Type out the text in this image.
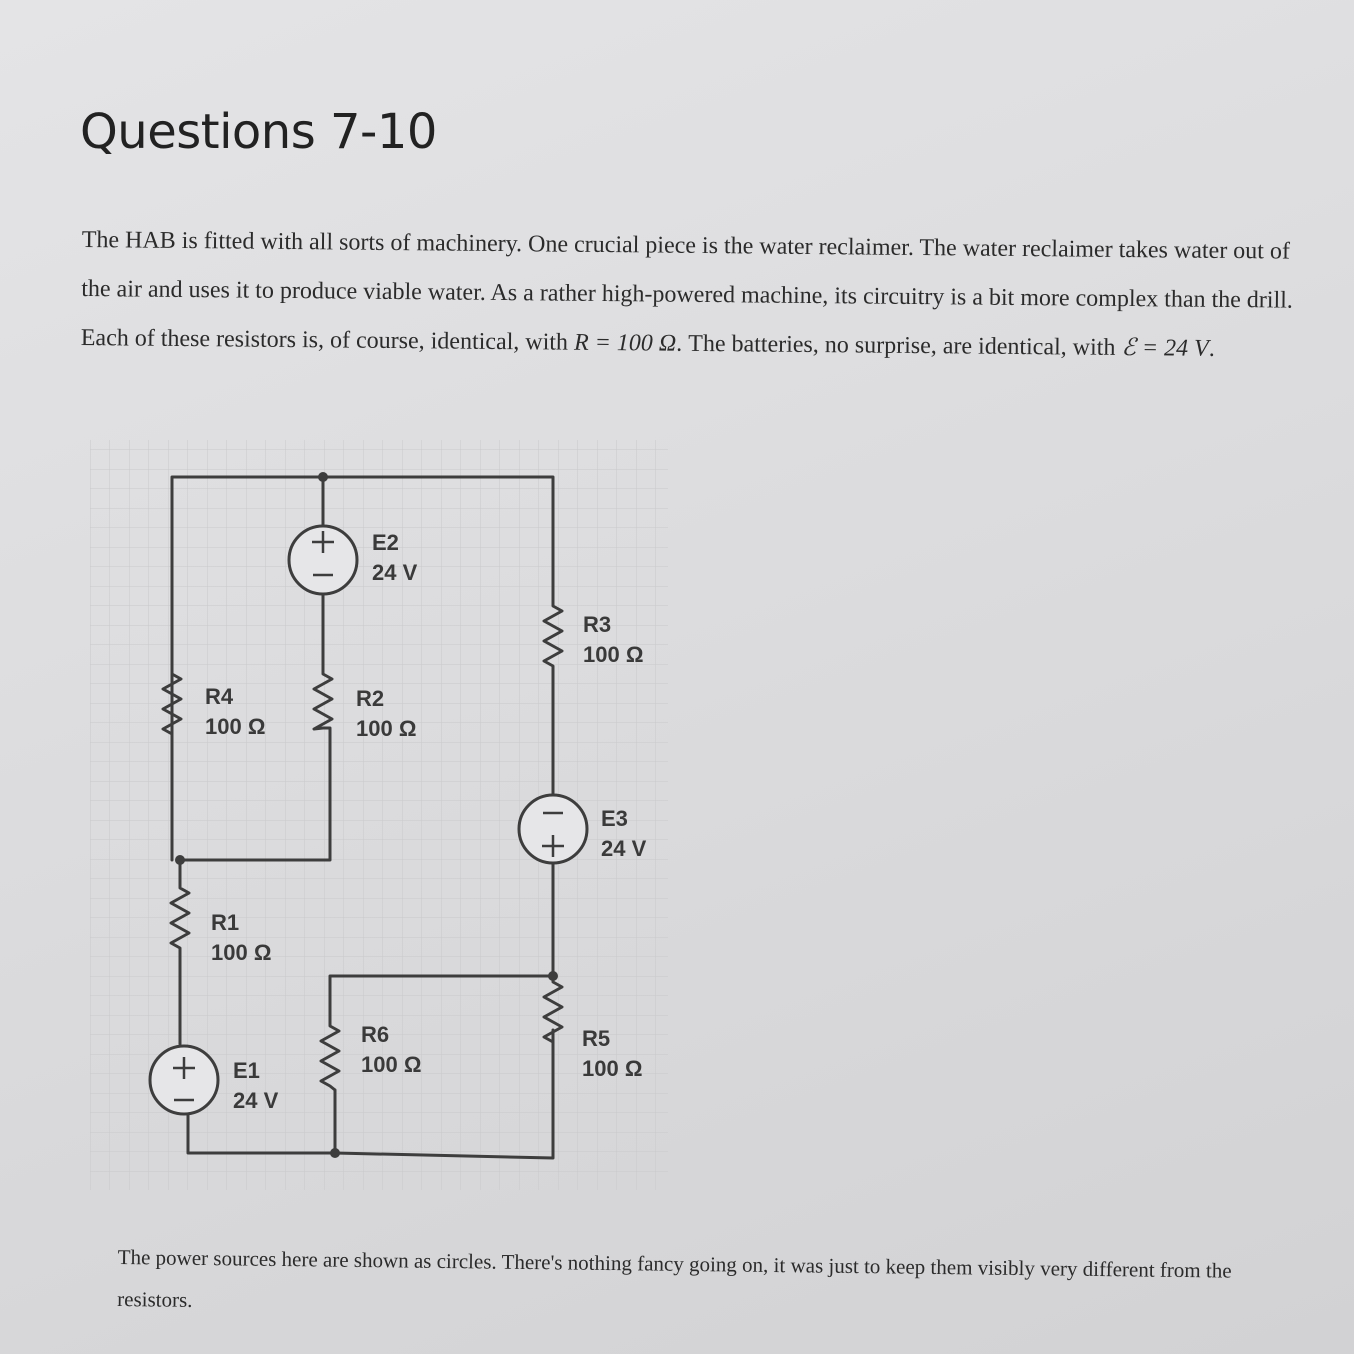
Questions 7-10

The HAB is fitted with all sorts of machinery. One crucial piece is the water reclaimer. The water reclaimer takes water out of the air and uses it to produce viable water. As a rather high-powered machine, its circuitry is a bit more complex than the drill. Each of these resistors is, of course, identical, with R = 100 Ω. The batteries, no surprise, are identical, with ℰ = 24 V.

E2
24 V
R3
100 Ω
R4
100 Ω
R2
100 Ω
E3
24 V
R1
100 Ω
R6
100 Ω
R5
100 Ω
E1
24 V

The power sources here are shown as circles. There's nothing fancy going on, it was just to keep them visibly very different from the resistors.
